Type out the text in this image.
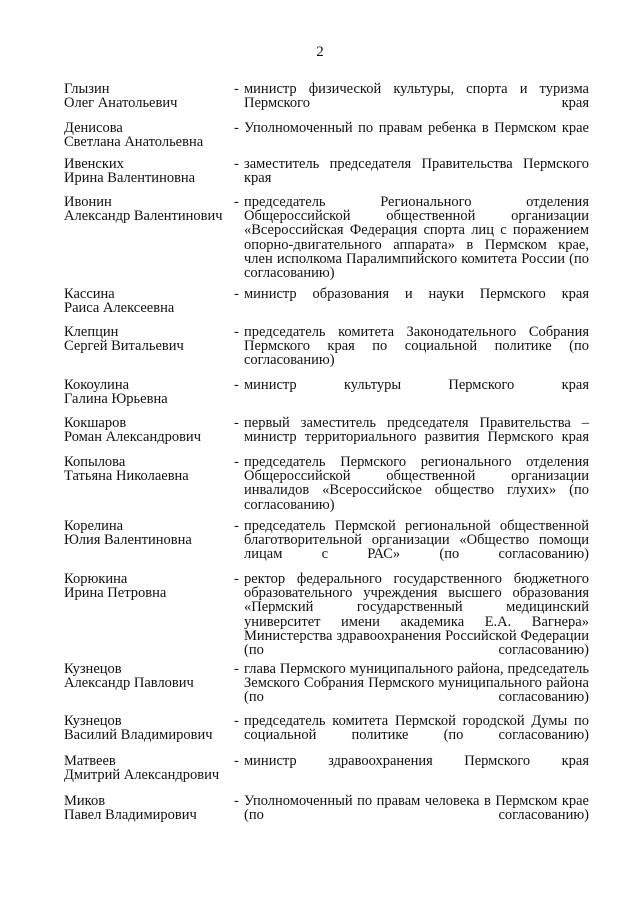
2
Глызин
Олег Анатольевич
- министр физической культуры, спорта и туризма Пермского края
Денисова
Светлана Анатольевна
- Уполномоченный по правам ребенка в Пермском крае
Ивенских
Ирина Валентиновна
- заместитель председателя Правительства Пермского края
Ивонин
Александр Валентинович
- председатель Регионального отделения Общероссийской общественной организации «Всероссийская Федерация спорта лиц с поражением опорно-двигательного аппарата» в Пермском крае, член исполкома Паралимпийского комитета России (по согласованию)
Кассина
Раиса Алексеевна
- министр образования и науки Пермского края
Клепцин
Сергей Витальевич
- председатель комитета Законодательного Собрания Пермского края по социальной политике (по согласованию)
Кокоулина
Галина Юрьевна
- министр культуры Пермского края
Кокшаров
Роман Александрович
- первый заместитель председателя Правительства – министр территориального развития Пермского края
Копылова
Татьяна Николаевна
- председатель Пермского регионального отделения Общероссийской общественной организации инвалидов «Всероссийское общество глухих» (по согласованию)
Корелина
Юлия Валентиновна
- председатель Пермской региональной общественной благотворительной организации «Общество помощи лицам с РАС» (по согласованию)
Корюкина
Ирина Петровна
- ректор федерального государственного бюджетного образовательного учреждения высшего образования «Пермский государственный медицинский университет имени академика Е.А. Вагнера» Министерства здравоохранения Российской Федерации (по согласованию)
Кузнецов
Александр Павлович
- глава Пермского муниципального района, председатель Земского Собрания Пермского муниципального района (по согласованию)
Кузнецов
Василий Владимирович
- председатель комитета Пермской городской Думы по социальной политике (по согласованию)
Матвеев
Дмитрий Александрович
- министр здравоохранения Пермского края
Миков
Павел Владимирович
- Уполномоченный по правам человека в Пермском крае (по согласованию)
